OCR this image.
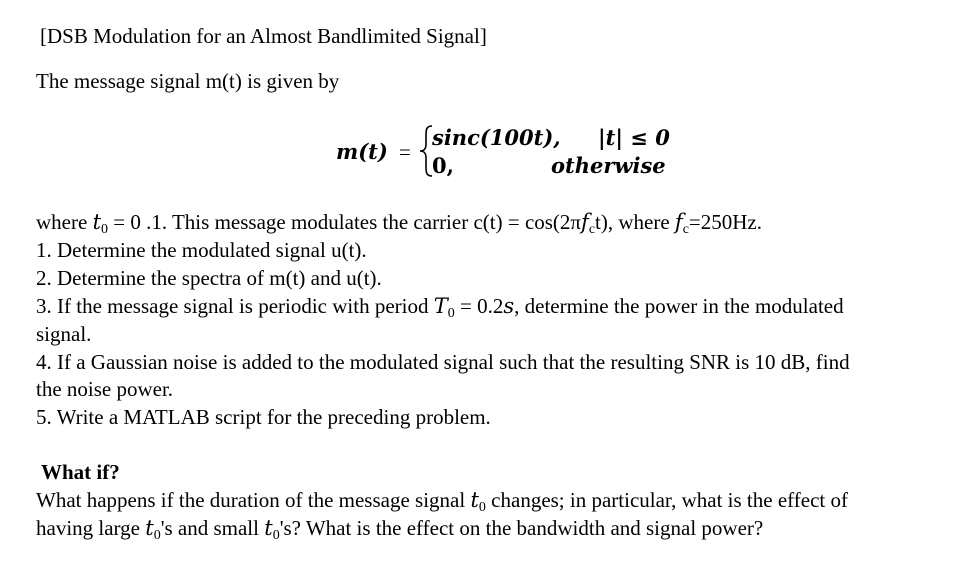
[DSB Modulation for an Almost Bandlimited Signal]
The message signal m(t) is given by
m(t) =
sinc(100t), |t| ≤ 0
0,	otherwise
where $t_0 = 0$ .1. This message modulates the carrier $c(t) = \cos(2\pi f_ct)$, where $f_c=250Hz$.
1. Determine the modulated signal u(t).
2. Determine the spectra of m(t) and u(t).
3. If the message signal is periodic with period $T_0 = 0.2s$, determine the power in the modulated
signal.
4. If a Gaussian noise is added to the modulated signal such that the resulting SNR is 10 dB, find
the noise power.
5. Write a MATLAB script for the preceding problem.
What if?
What happens if the duration of the message signal $t_0$ changes; in particular, what is the effect of
having large $t_0's$ and small $t_0's$? What is the effect on the bandwidth and signal power?
